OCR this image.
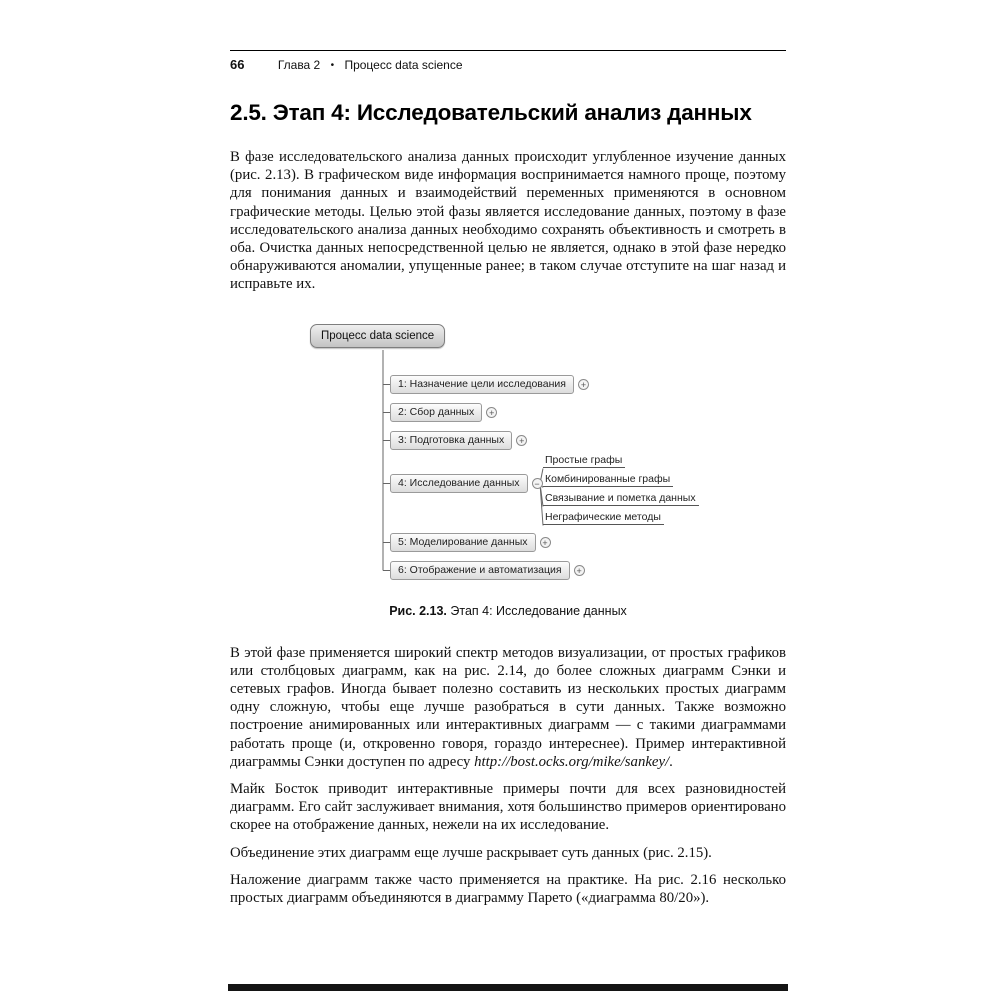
66	Глава 2 • Процесс data science
2.5. Этап 4: Исследовательский анализ данных

В фазе исследовательского анализа данных происходит углубленное изучение данных (рис. 2.13). В графическом виде информация воспринимается намного проще, поэтому для понимания данных и взаимодействий переменных применяются в основном графические методы. Целью этой фазы является исследование данных, поэтому в фазе исследовательского анализа данных необходимо сохранять объективность и смотреть в оба. Очистка данных непосредственной целью не является, однако в этой фазе нередко обнаруживаются аномалии, упущенные ранее; в таком случае отступите на шаг назад и исправьте их.

Процесс data science
1: Назначение цели исследования	+
2: Сбор данных	+
3: Подготовка данных	+
4: Исследование данных	−
5: Моделирование данных	+
6: Отображение и автоматизация	+
Простые графы
Комбинированные графы
Связывание и пометка данных
Неграфические методы
Рис. 2.13. Этап 4: Исследование данных

В этой фазе применяется широкий спектр методов визуализации, от простых графиков или столбцовых диаграмм, как на рис. 2.14, до более сложных диаграмм Сэнки и сетевых графов. Иногда бывает полезно составить из нескольких простых диаграмм одну сложную, чтобы еще лучше разобраться в сути данных. Также возможно построение анимированных или интерактивных диаграмм — с такими диаграммами работать проще (и, откровенно говоря, гораздо интереснее). Пример интерактивной диаграммы Сэнки доступен по адресу http://bost.ocks.org/mike/sankey/.

Майк Босток приводит интерактивные примеры почти для всех разновидностей диаграмм. Его сайт заслуживает внимания, хотя большинство примеров ориентировано скорее на отображение данных, нежели на их исследование.

Объединение этих диаграмм еще лучше раскрывает суть данных (рис. 2.15).

Наложение диаграмм также часто применяется на практике. На рис. 2.16 несколько простых диаграмм объединяются в диаграмму Парето («диаграмма 80/20»).
